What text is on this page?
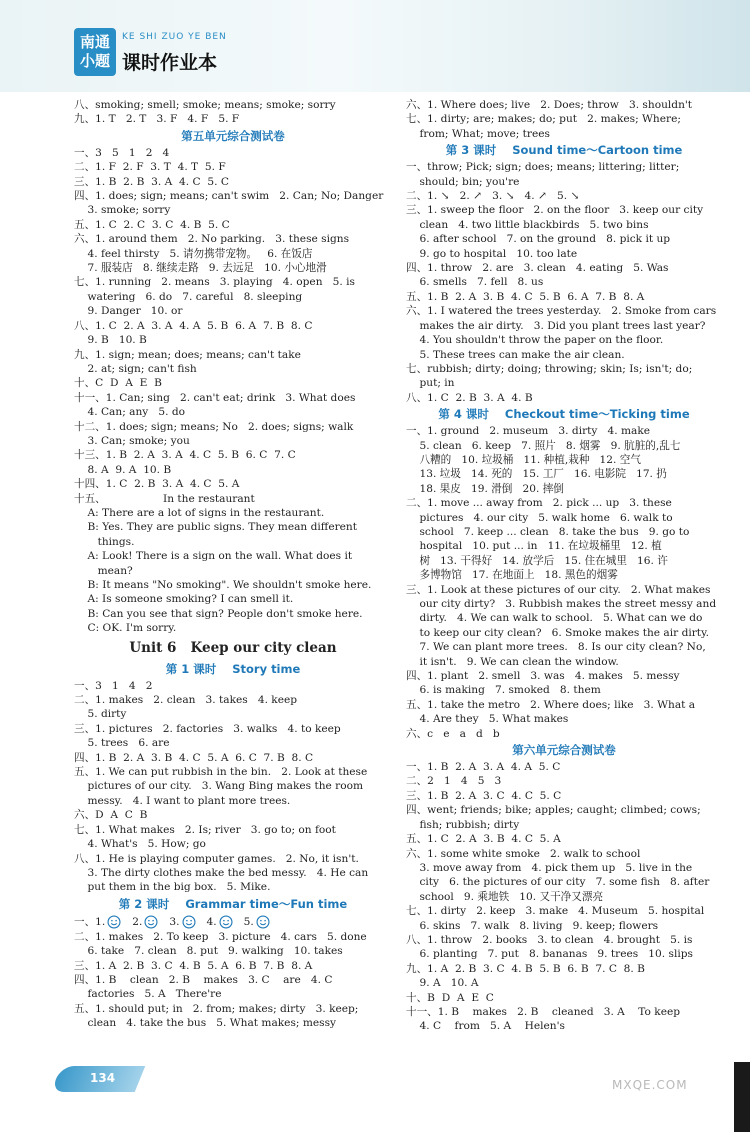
南通
小题
KE SHI ZUO YE BEN
课时作业本
八、smoking; smell; smoke; means; smoke; sorry
九、1. T   2. T   3. F   4. F   5. F
第五单元综合测试卷
一、3   5   1   2   4
二、1. F  2. F  3. T  4. T  5. F
三、1. B  2. B  3. A  4. C  5. C
四、1. does; sign; means; can't swim   2. Can; No; Danger
3. smoke; sorry
五、1. C  2. C  3. C  4. B  5. C
六、1. around them   2. No parking.   3. these signs
4. feel thirsty   5. 请勿携带宠物。   6. 在饭店
7. 服装店   8. 继续走路   9. 去远足   10. 小心地滑
七、1. running   2. means   3. playing   4. open   5. is
watering   6. do   7. careful   8. sleeping
9. Danger   10. or
八、1. C  2. A  3. A  4. A  5. B  6. A  7. B  8. C
9. B   10. B
九、1. sign; mean; does; means; can't take
2. at; sign; can't fish
十、C  D  A  E  B
十一、1. Can; sing   2. can't eat; drink   3. What does
4. Can; any   5. do
十二、1. does; sign; means; No   2. does; signs; walk
3. Can; smoke; you
十三、1. B  2. A  3. A  4. C  5. B  6. C  7. C
8. A  9. A  10. B
十四、1. C  2. B  3. A  4. C  5. A
十五、                 In the restaurant
A: There are a lot of signs in the restaurant.
B: Yes. They are public signs. They mean different
things.
A: Look! There is a sign on the wall. What does it
mean?
B: It means "No smoking". We shouldn't smoke here.
A: Is someone smoking? I can smell it.
B: Can you see that sign? People don't smoke here.
C: OK. I'm sorry.
Unit 6   Keep our city clean
第 1 课时    Story time
一、3   1   4   2
二、1. makes   2. clean   3. takes   4. keep
5. dirty
三、1. pictures   2. factories   3. walks   4. to keep
5. trees   6. are
四、1. B  2. A  3. B  4. C  5. A  6. C  7. B  8. C
五、1. We can put rubbish in the bin.   2. Look at these
pictures of our city.   3. Wang Bing makes the room
messy.   4. I want to plant more trees.
六、D  A  C  B
七、1. What makes   2. Is; river   3. go to; on foot
4. What's   5. How; go
八、1. He is playing computer games.   2. No, it isn't.
3. The dirty clothes make the bed messy.   4. He can
put them in the big box.   5. Mike.
第 2 课时    Grammar time～Fun time
一、1.	2.	3.	4.	5.
二、1. makes   2. To keep   3. picture   4. cars   5. done
6. take   7. clean   8. put   9. walking   10. takes
三、1. A  2. B  3. C  4. B  5. A  6. B  7. B  8. A
四、1. B    clean   2. B    makes   3. C    are   4. C
factories   5. A   There're
五、1. should put; in   2. from; makes; dirty   3. keep;
clean   4. take the bus   5. What makes; messy
六、1. Where does; live   2. Does; throw   3. shouldn't
七、1. dirty; are; makes; do; put   2. makes; Where;
from; What; move; trees
第 3 课时    Sound time～Cartoon time
一、throw; Pick; sign; does; means; littering; litter;
should; bin; you're
二、1. ↘   2. ↗   3. ↘   4. ↗   5. ↘
三、1. sweep the floor   2. on the floor   3. keep our city
clean   4. two little blackbirds   5. two bins
6. after school   7. on the ground   8. pick it up
9. go to hospital   10. too late
四、1. throw   2. are   3. clean   4. eating   5. Was
6. smells   7. fell   8. us
五、1. B  2. A  3. B  4. C  5. B  6. A  7. B  8. A
六、1. I watered the trees yesterday.   2. Smoke from cars
makes the air dirty.   3. Did you plant trees last year?
4. You shouldn't throw the paper on the floor.
5. These trees can make the air clean.
七、rubbish; dirty; doing; throwing; skin; Is; isn't; do;
put; in
八、1. C  2. B  3. A  4. B
第 4 课时    Checkout time～Ticking time
一、1. ground   2. museum   3. dirty   4. make
5. clean   6. keep   7. 照片   8. 烟雾   9. 肮脏的,乱七
八糟的   10. 垃圾桶   11. 种植,栽种   12. 空气
13. 垃圾   14. 死的   15. 工厂   16. 电影院   17. 扔
18. 果皮   19. 滑倒   20. 摔倒
二、1. move ... away from   2. pick ... up   3. these
pictures   4. our city   5. walk home   6. walk to
school   7. keep ... clean   8. take the bus   9. go to
hospital   10. put ... in   11. 在垃圾桶里   12. 植
树   13. 干得好   14. 放学后   15. 住在城里   16. 许
多博物馆   17. 在地面上   18. 黑色的烟雾
三、1. Look at these pictures of our city.   2. What makes
our city dirty?   3. Rubbish makes the street messy and
dirty.   4. We can walk to school.   5. What can we do
to keep our city clean?   6. Smoke makes the air dirty.
7. We can plant more trees.   8. Is our city clean? No,
it isn't.   9. We can clean the window.
四、1. plant   2. smell   3. was   4. makes   5. messy
6. is making   7. smoked   8. them
五、1. take the metro   2. Where does; like   3. What a
4. Are they   5. What makes
六、c   e   a   d   b
第六单元综合测试卷
一、1. B  2. A  3. A  4. A  5. C
二、2   1   4   5   3
三、1. B  2. A  3. C  4. C  5. C
四、went; friends; bike; apples; caught; climbed; cows;
fish; rubbish; dirty
五、1. C  2. A  3. B  4. C  5. A
六、1. some white smoke   2. walk to school
3. move away from   4. pick them up   5. live in the
city   6. the pictures of our city   7. some fish   8. after
school   9. 乘地铁   10. 又干净又漂亮
七、1. dirty   2. keep   3. make   4. Museum   5. hospital
6. skins   7. walk   8. living   9. keep; flowers
八、1. throw   2. books   3. to clean   4. brought   5. is
6. planting   7. put   8. bananas   9. trees   10. slips
九、1. A  2. B  3. C  4. B  5. B  6. B  7. C  8. B
9. A   10. A
十、B  D  A  E  C
十一、1. B    makes   2. B    cleaned   3. A    To keep
4. C    from   5. A    Helen's
134	MXQE.COM
